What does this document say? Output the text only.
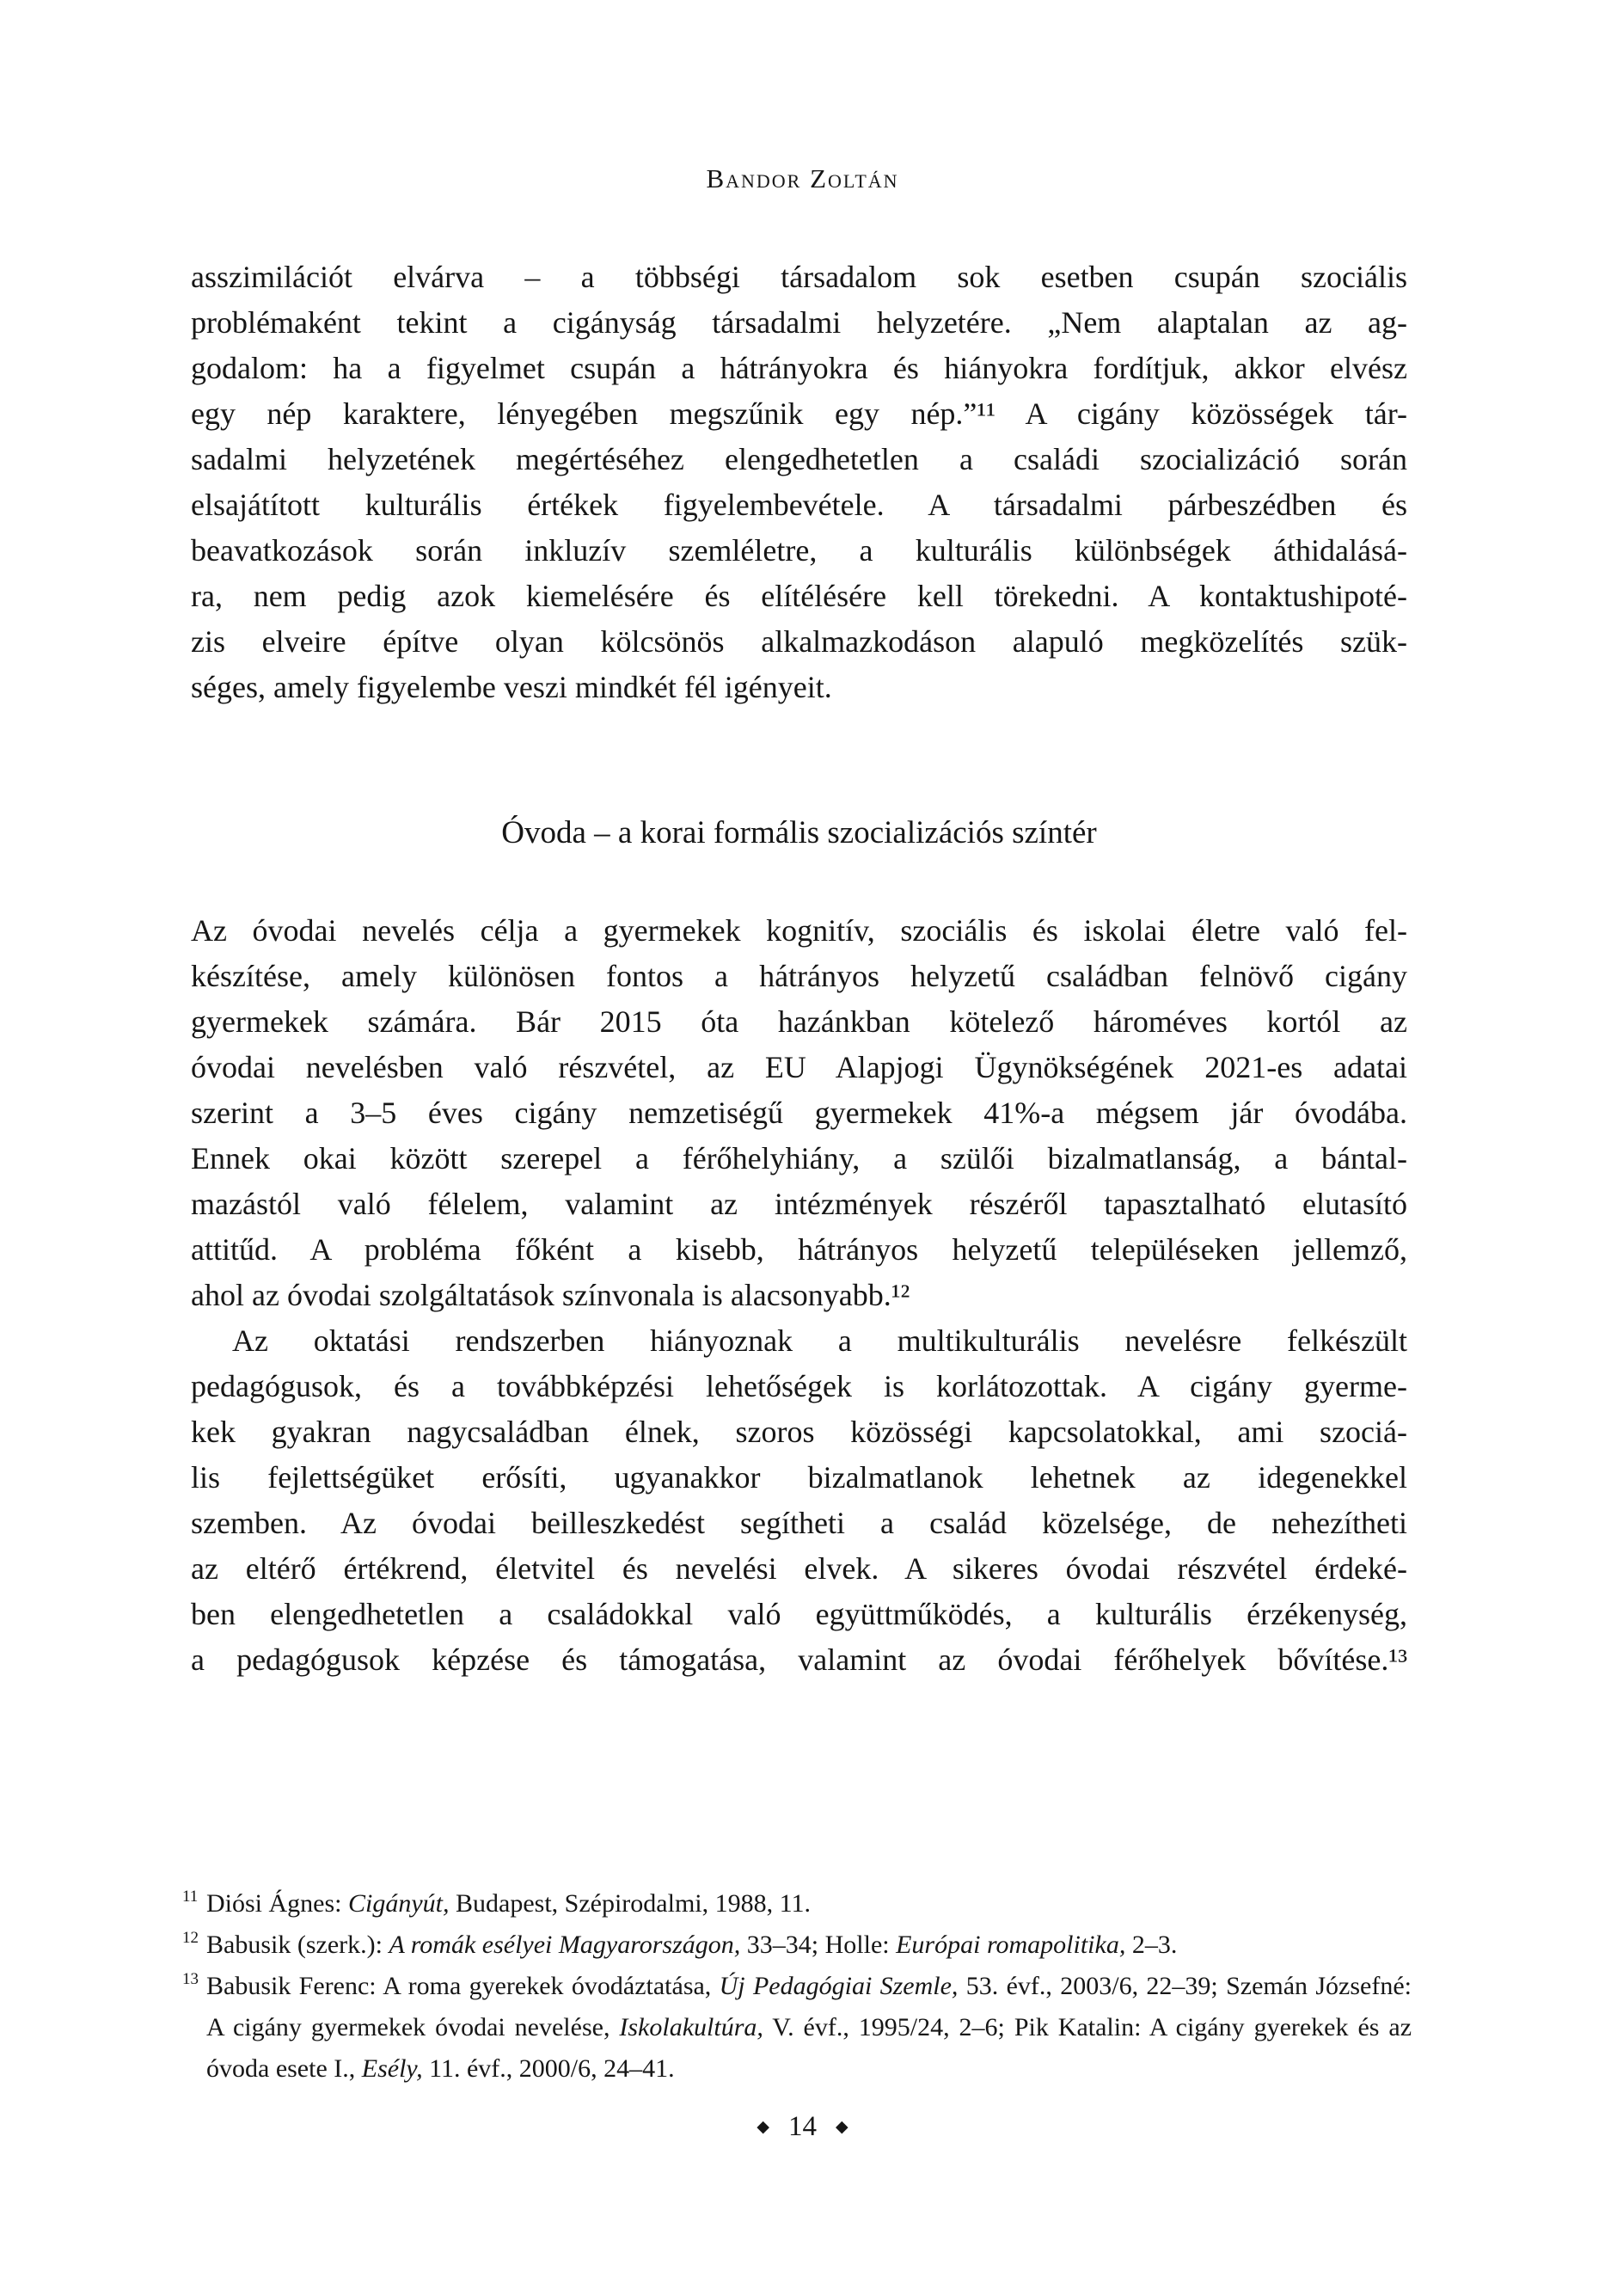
Bandor Zoltán
asszimilációt elvárva – a többségi társadalom sok esetben csupán szociális
problémaként tekint a cigányság társadalmi helyzetére. „Nem alaptalan az ag-
godalom: ha a figyelmet csupán a hátrányokra és hiányokra fordítjuk, akkor elvész
egy nép karaktere, lényegében megszűnik egy nép.”¹¹ A cigány közösségek tár-
sadalmi helyzetének megértéséhez elengedhetetlen a családi szocializáció során
elsajátított kulturális értékek figyelembevétele. A társadalmi párbeszédben és
beavatkozások során inkluzív szemléletre, a kulturális különbségek áthidalásá-
ra, nem pedig azok kiemelésére és elítélésére kell törekedni. A kontaktushipoté-
zis elveire építve olyan kölcsönös alkalmazkodáson alapuló megközelítés szük-
séges, amely figyelembe veszi mindkét fél igényeit.
Óvoda – a korai formális szocializációs színtér
Az óvodai nevelés célja a gyermekek kognitív, szociális és iskolai életre való fel-
készítése, amely különösen fontos a hátrányos helyzetű családban felnövő cigány
gyermekek számára. Bár 2015 óta hazánkban kötelező hároméves kortól az
óvodai nevelésben való részvétel, az EU Alapjogi Ügynökségének 2021-es adatai
szerint a 3–5 éves cigány nemzetiségű gyermekek 41%-a mégsem jár óvodába.
Ennek okai között szerepel a férőhelyhiány, a szülői bizalmatlanság, a bántal-
mazástól való félelem, valamint az intézmények részéről tapasztalható elutasító
attitűd. A probléma főként a kisebb, hátrányos helyzetű településeken jellemző,
ahol az óvodai szolgáltatások színvonala is alacsonyabb.¹²
Az oktatási rendszerben hiányoznak a multikulturális nevelésre felkészült
pedagógusok, és a továbbképzési lehetőségek is korlátozottak. A cigány gyerme-
kek gyakran nagycsaládban élnek, szoros közösségi kapcsolatokkal, ami szociá-
lis fejlettségüket erősíti, ugyanakkor bizalmatlanok lehetnek az idegenekkel
szemben. Az óvodai beilleszkedést segítheti a család közelsége, de nehezítheti
az eltérő értékrend, életvitel és nevelési elvek. A sikeres óvodai részvétel érdeké-
ben elengedhetetlen a családokkal való együttműködés, a kulturális érzékenység,
a pedagógusok képzése és támogatása, valamint az óvodai férőhelyek bővítése.¹³
11 Diósi Ágnes: Cigányút, Budapest, Szépirodalmi, 1988, 11.
12 Babusik (szerk.): A romák esélyei Magyarországon, 33–34; Holle: Európai romapolitika, 2–3.
13 Babusik Ferenc: A roma gyerekek óvodáztatása, Új Pedagógiai Szemle, 53. évf., 2003/6, 22–39; Szemán Józsefné: A cigány gyermekek óvodai nevelése, Iskolakultúra, V. évf., 1995/24, 2–6; Pik Katalin: A cigány gyerekek és az óvoda esete I., Esély, 11. évf., 2000/6, 24–41.
◆ 14 ◆
